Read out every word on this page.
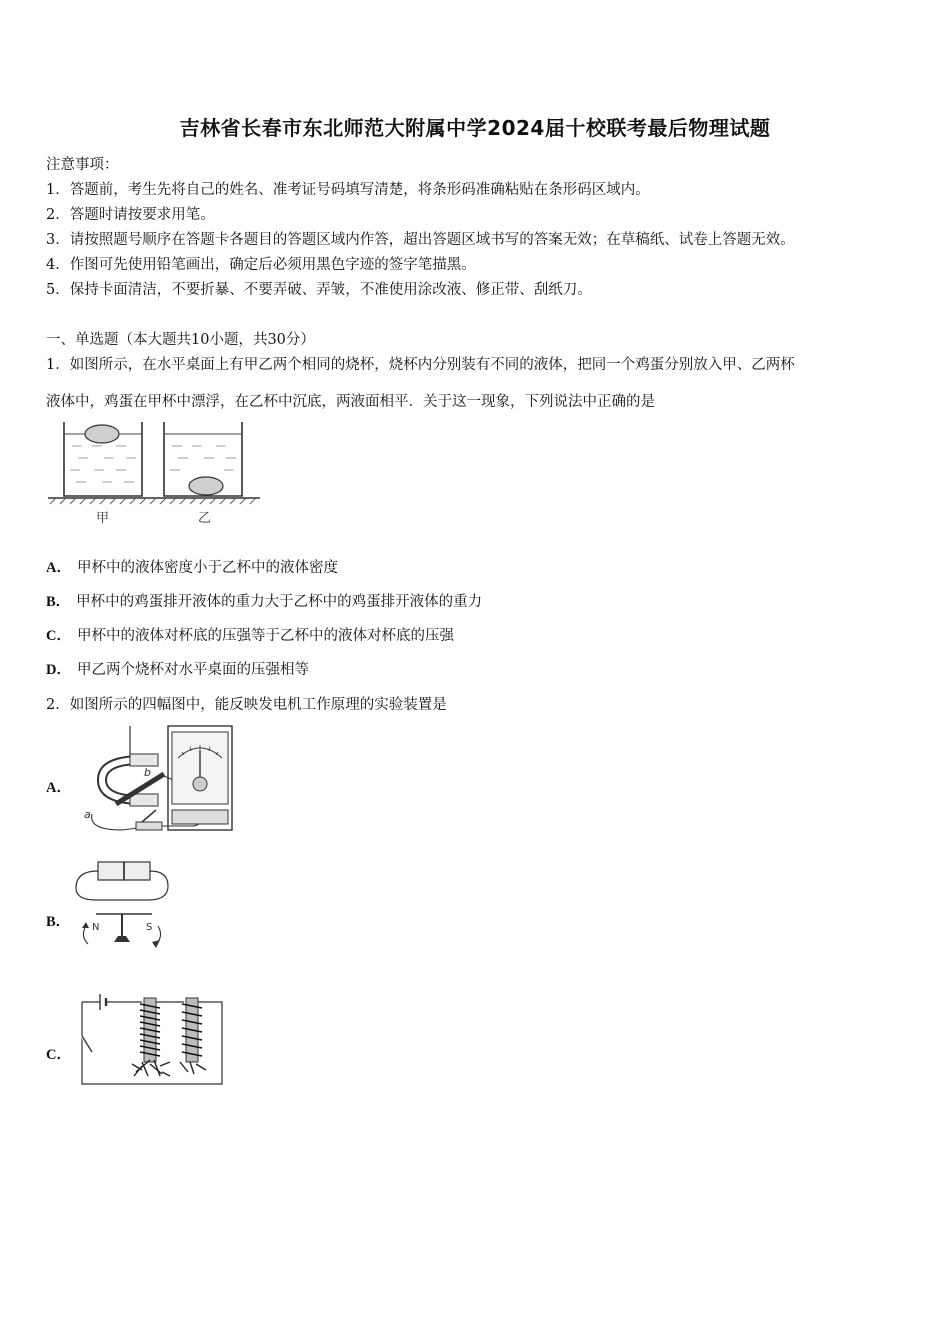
吉林省长春市东北师范大附属中学2024届十校联考最后物理试题
注意事项：
1．答题前，考生先将自己的姓名、准考证号码填写清楚，将条形码准确粘贴在条形码区域内。
2．答题时请按要求用笔。
3．请按照题号顺序在答题卡各题目的答题区域内作答，超出答题区域书写的答案无效；在草稿纸、试卷上答题无效。
4．作图可先使用铅笔画出，确定后必须用黑色字迹的签字笔描黑。
5．保持卡面清洁，不要折暴、不要弄破、弄皱，不准使用涂改液、修正带、刮纸刀。
一、单选题（本大题共10小题，共30分）
1．如图所示，在水平桌面上有甲乙两个相同的烧杯，烧杯内分别装有不同的液体，把同一个鸡蛋分别放入甲、乙两杯
液体中，鸡蛋在甲杯中漂浮，在乙杯中沉底，两液面相平．关于这一现象，下列说法中正确的是
甲	乙
A． 甲杯中的液体密度小于乙杯中的液体密度
B． 甲杯中的鸡蛋排开液体的重力大于乙杯中的鸡蛋排开液体的重力
C． 甲杯中的液体对杯底的压强等于乙杯中的液体对杯底的压强
D． 甲乙两个烧杯对水平桌面的压强相等
2．如图所示的四幅图中，能反映发电机工作原理的实验装置是
A．
b
a
B．	N	S
C．
